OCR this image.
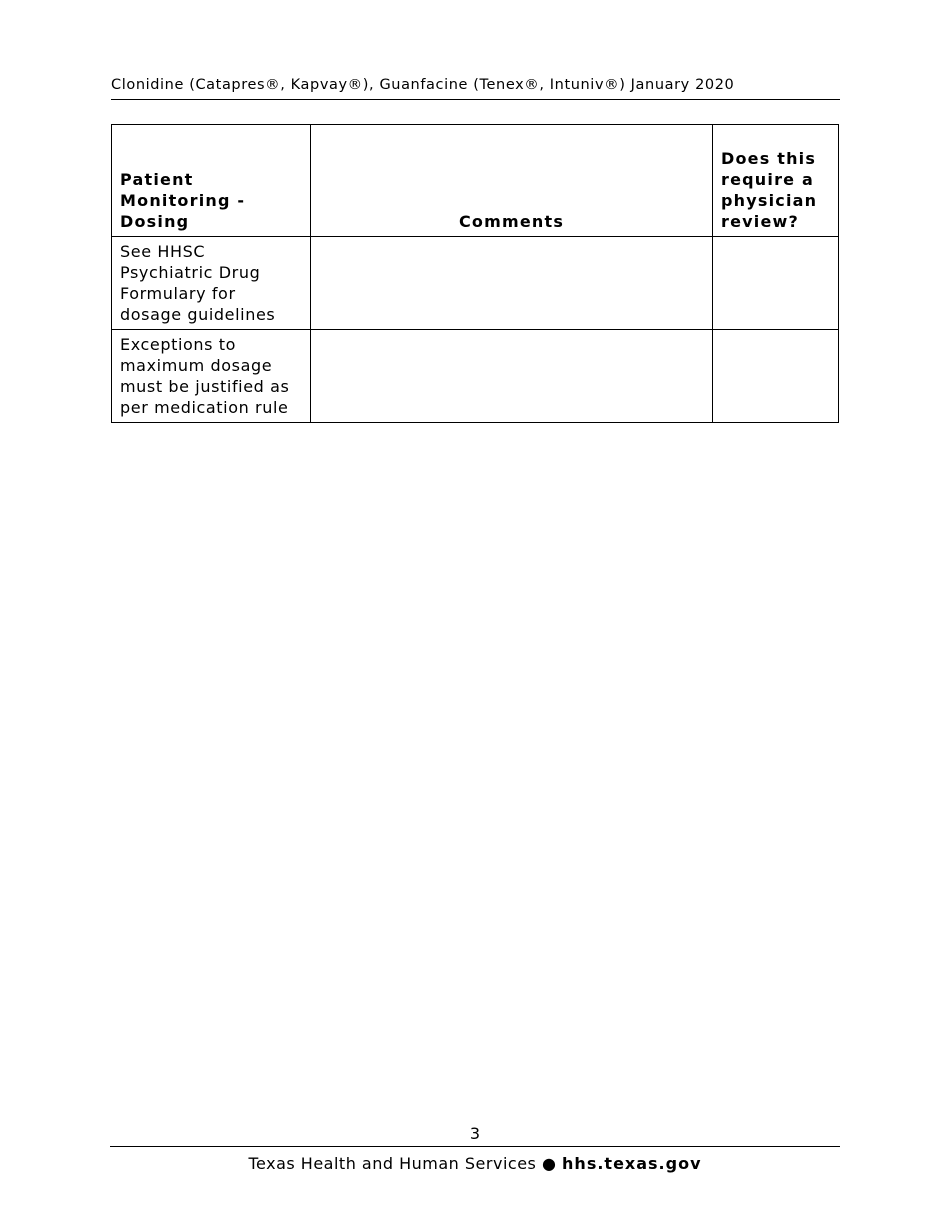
Clonidine (Catapres®, Kapvay®), Guanfacine (Tenex®, Intuniv®) January 2020
Patient Monitoring - Dosing	Comments	Does this require a physician review?
See HHSC Psychiatric Drug Formulary for dosage guidelines		
Exceptions to maximum dosage must be justified as per medication rule		
3
Texas Health and Human Services ● hhs.texas.gov
